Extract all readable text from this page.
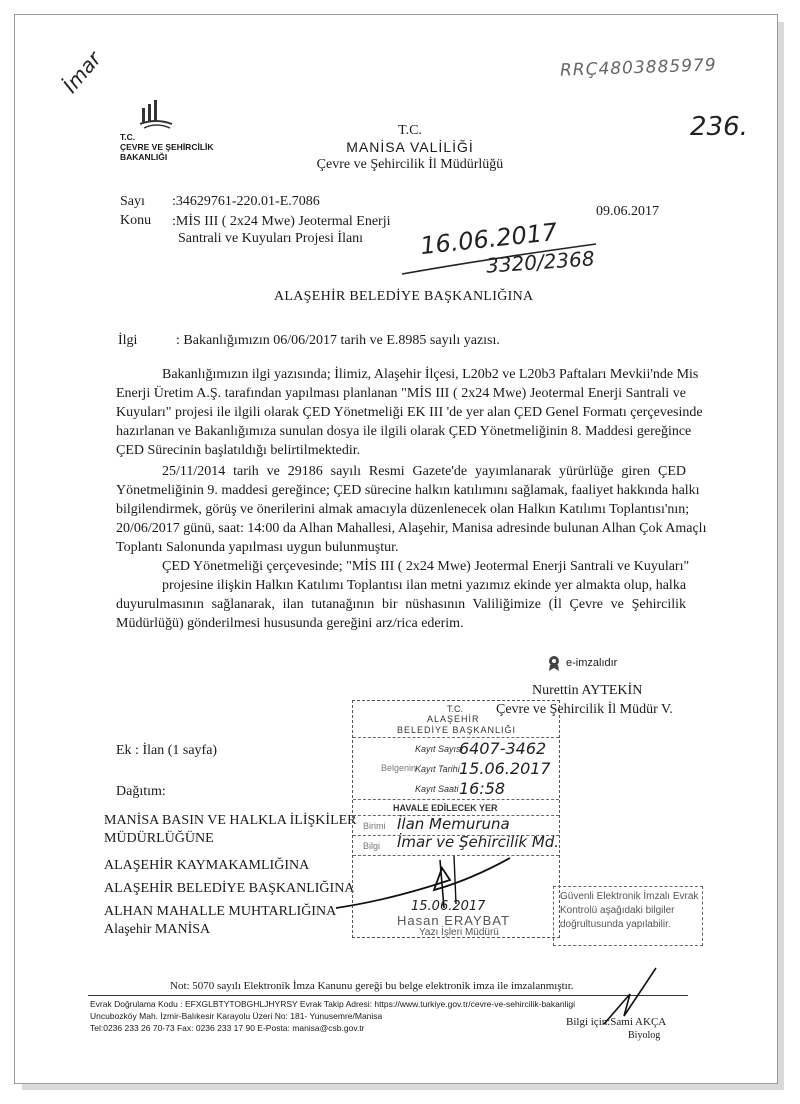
İmar	RRÇ4803885979
236.
16.06.2017
3320/2368
T.C.
ÇEVRE VE ŞEHİRCİLİK
BAKANLIĞI
T.C.
MANİSA VALİLİĞİ
Çevre ve Şehircilik İl Müdürlüğü
Sayı :34629761-220.01-E.7086
09.06.2017
Konu :MİS III ( 2x24 Mwe) Jeotermal Enerji
Santrali ve Kuyuları Projesi İlanı
ALAŞEHİR BELEDİYE BAŞKANLIĞINA
İlgi	: Bakanlığımızın 06/06/2017 tarih ve E.8985 sayılı yazısı.
Bakanlığımızın ilgi yazısında; İlimiz, Alaşehir İlçesi, L20b2 ve L20b3 Paftaları Mevkii'nde Mis
Enerji Üretim A.Ş. tarafından yapılması planlanan "MİS III ( 2x24 Mwe) Jeotermal Enerji Santrali ve
Kuyuları" projesi ile ilgili olarak ÇED Yönetmeliği EK III 'de yer alan ÇED Genel Formatı çerçevesinde
hazırlanan ve Bakanlığımıza sunulan dosya ile ilgili olarak ÇED Yönetmeliğinin 8. Maddesi gereğince
ÇED Sürecinin başlatıldığı belirtilmektedir.
25/11/2014 tarih ve 29186 sayılı Resmi Gazete'de yayımlanarak yürürlüğe giren ÇED
Yönetmeliğinin 9. maddesi gereğince; ÇED sürecine halkın katılımını sağlamak, faaliyet hakkında halkı
bilgilendirmek, görüş ve önerilerini almak amacıyla düzenlenecek olan Halkın Katılımı Toplantısı'nın;
20/06/2017 günü, saat: 14:00 da Alhan Mahallesi, Alaşehir, Manisa adresinde bulunan Alhan Çok Amaçlı
Toplantı Salonunda yapılması uygun bulunmuştur.
ÇED Yönetmeliği çerçevesinde; "MİS III ( 2x24 Mwe) Jeotermal Enerji Santrali ve Kuyuları"
projesine ilişkin Halkın Katılımı Toplantısı ilan metni yazımız ekinde yer almakta olup, halka
duyurulmasının sağlanarak, ilan tutanağının bir nüshasının Valiliğimize (İl Çevre ve Şehircilik
Müdürlüğü) gönderilmesi hususunda gereğini arz/rica ederim.
e-imzalıdır
Nurettin AYTEKİN
Çevre ve Şehircilik İl Müdür V.
Ek : İlan (1 sayfa)
Dağıtım:
MANİSA BASIN VE HALKLA İLİŞKİLER
MÜDÜRLÜĞÜNE
ALAŞEHİR KAYMAKAMLIĞINA
ALAŞEHİR BELEDİYE BAŞKANLIĞINA
ALHAN MAHALLE MUHTARLIĞINA
Alaşehir MANİSA
T.C.
ALAŞEHİR
BELEDİYE BAŞKANLIĞI
Belgenin
Kayıt Sayısı
6407-3462
Kayıt Tarihi 15.06.2017
Kayıt Saati 16:58
HAVALE EDİLECEK YER
Birimi İlan Memuruna
Bilgi İmar ve Şehircilik Md.
15.06.2017
Hasan ERAYBAT
Yazı İşleri Müdürü
Güvenli Elektronik İmzalı Evrak
Kontrolü aşağıdaki bilgiler
doğrultusunda yapılabilir.
Not: 5070 sayılı Elektronik İmza Kanunu gereği bu belge elektronik imza ile imzalanmıştır.
Evrak Doğrulama Kodu : EFXGLBTYTOBGHLJHYRSY Evrak Takip Adresi: https://www.turkiye.gov.tr/cevre-ve-sehircilik-bakanligi
Uncubozköy Mah. İzmir-Balıkesir Karayolu Üzeri No: 181- Yunusemre/Manisa
Tel:0236 233 26 70-73 Fax: 0236 233 17 90 E-Posta: manisa@csb.gov.tr	Bilgi için:Sami AKÇA
Biyolog
